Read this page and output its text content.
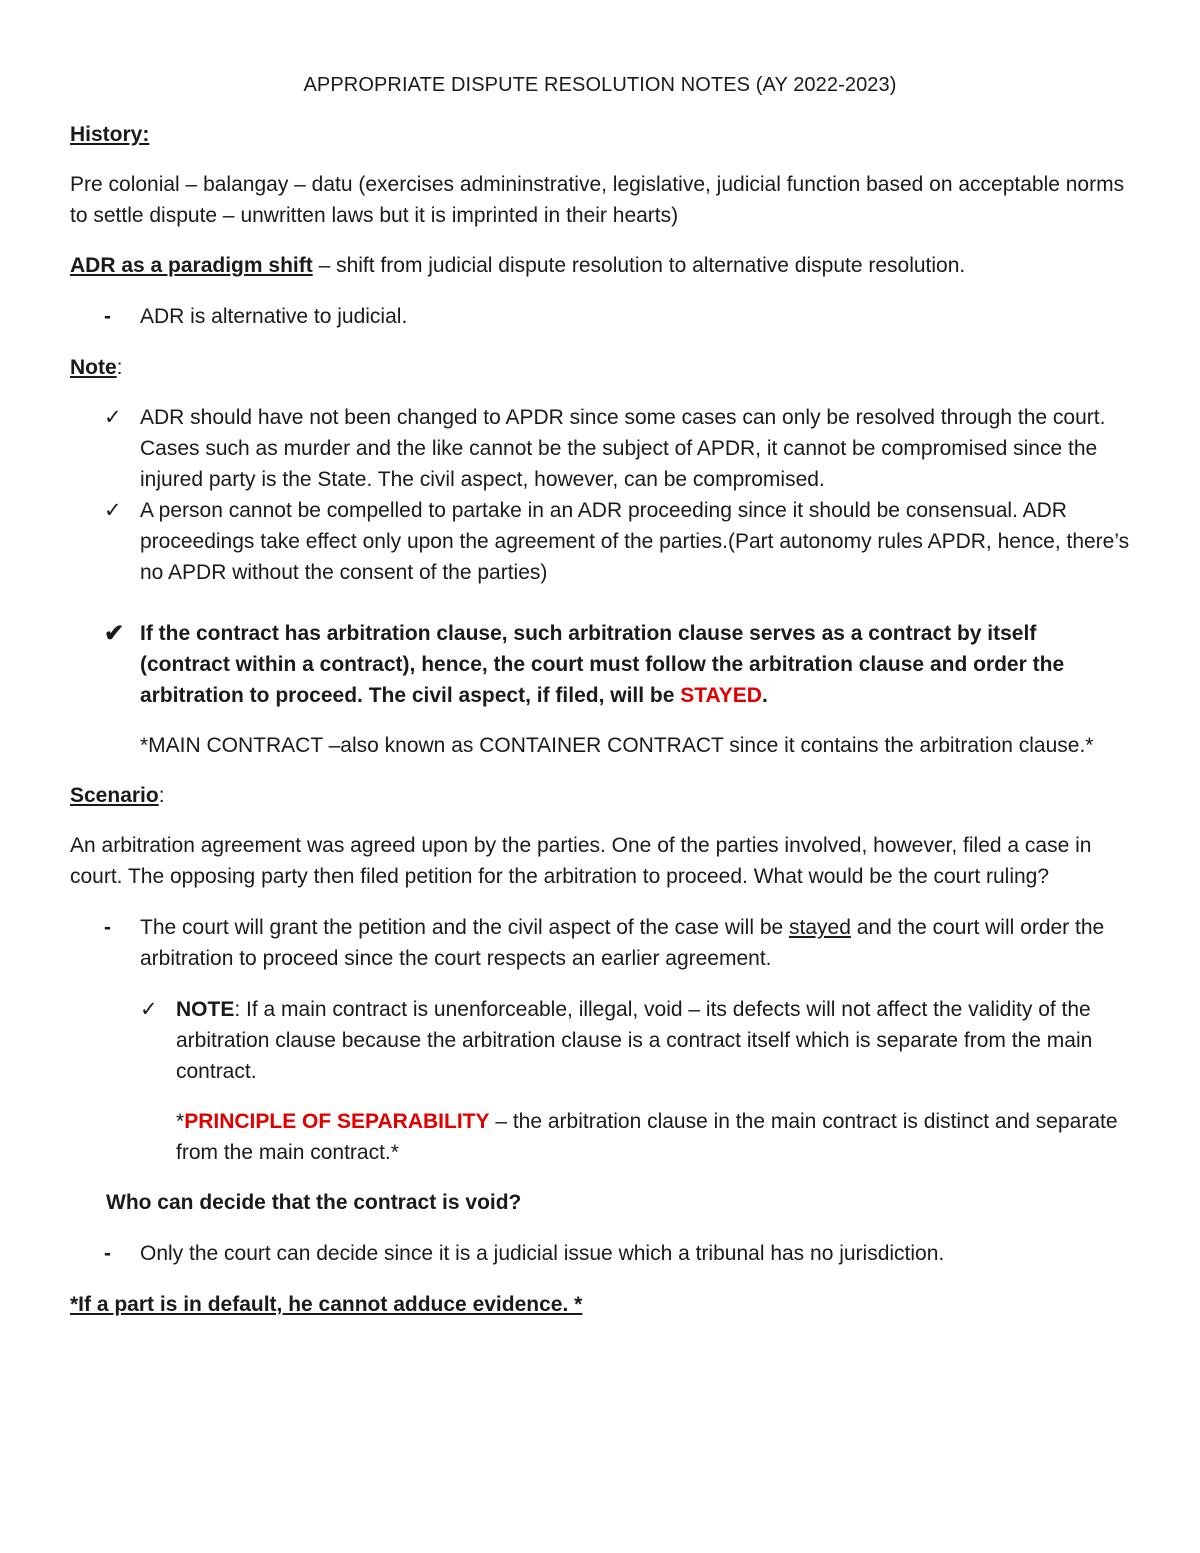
APPROPRIATE DISPUTE RESOLUTION NOTES (AY 2022-2023)

History:

Pre colonial – balangay – datu (exercises admininstrative, legislative, judicial function based on acceptable norms to settle dispute – unwritten laws but it is imprinted in their hearts)

ADR as a paradigm shift – shift from judicial dispute resolution to alternative dispute resolution.

-	ADR is alternative to judicial.

Note:

✓ ADR should have not been changed to APDR since some cases can only be resolved through the court. Cases such as murder and the like cannot be the subject of APDR, it cannot be compromised since the injured party is the State. The civil aspect, however, can be compromised.
✓ A person cannot be compelled to partake in an ADR proceeding since it should be consensual. ADR proceedings take effect only upon the agreement of the parties.(Part autonomy rules APDR, hence, there’s no APDR without the consent of the parties)
✔ If the contract has arbitration clause, such arbitration clause serves as a contract by itself (contract within a contract), hence, the court must follow the arbitration clause and order the arbitration to proceed. The civil aspect, if filed, will be STAYED.

*MAIN CONTRACT –also known as CONTAINER CONTRACT since it contains the arbitration clause.*

Scenario:

An arbitration agreement was agreed upon by the parties. One of the parties involved, however, filed a case in court. The opposing party then filed petition for the arbitration to proceed. What would be the court ruling?

-	The court will grant the petition and the civil aspect of the case will be stayed and the court will order the arbitration to proceed since the court respects an earlier agreement.
✓ NOTE: If a main contract is unenforceable, illegal, void – its defects will not affect the validity of the arbitration clause because the arbitration clause is a contract itself which is separate from the main contract.

*PRINCIPLE OF SEPARABILITY – the arbitration clause in the main contract is distinct and separate from the main contract.*

Who can decide that the contract is void?

-	Only the court can decide since it is a judicial issue which a tribunal has no jurisdiction.

*If a part is in default, he cannot adduce evidence. *
